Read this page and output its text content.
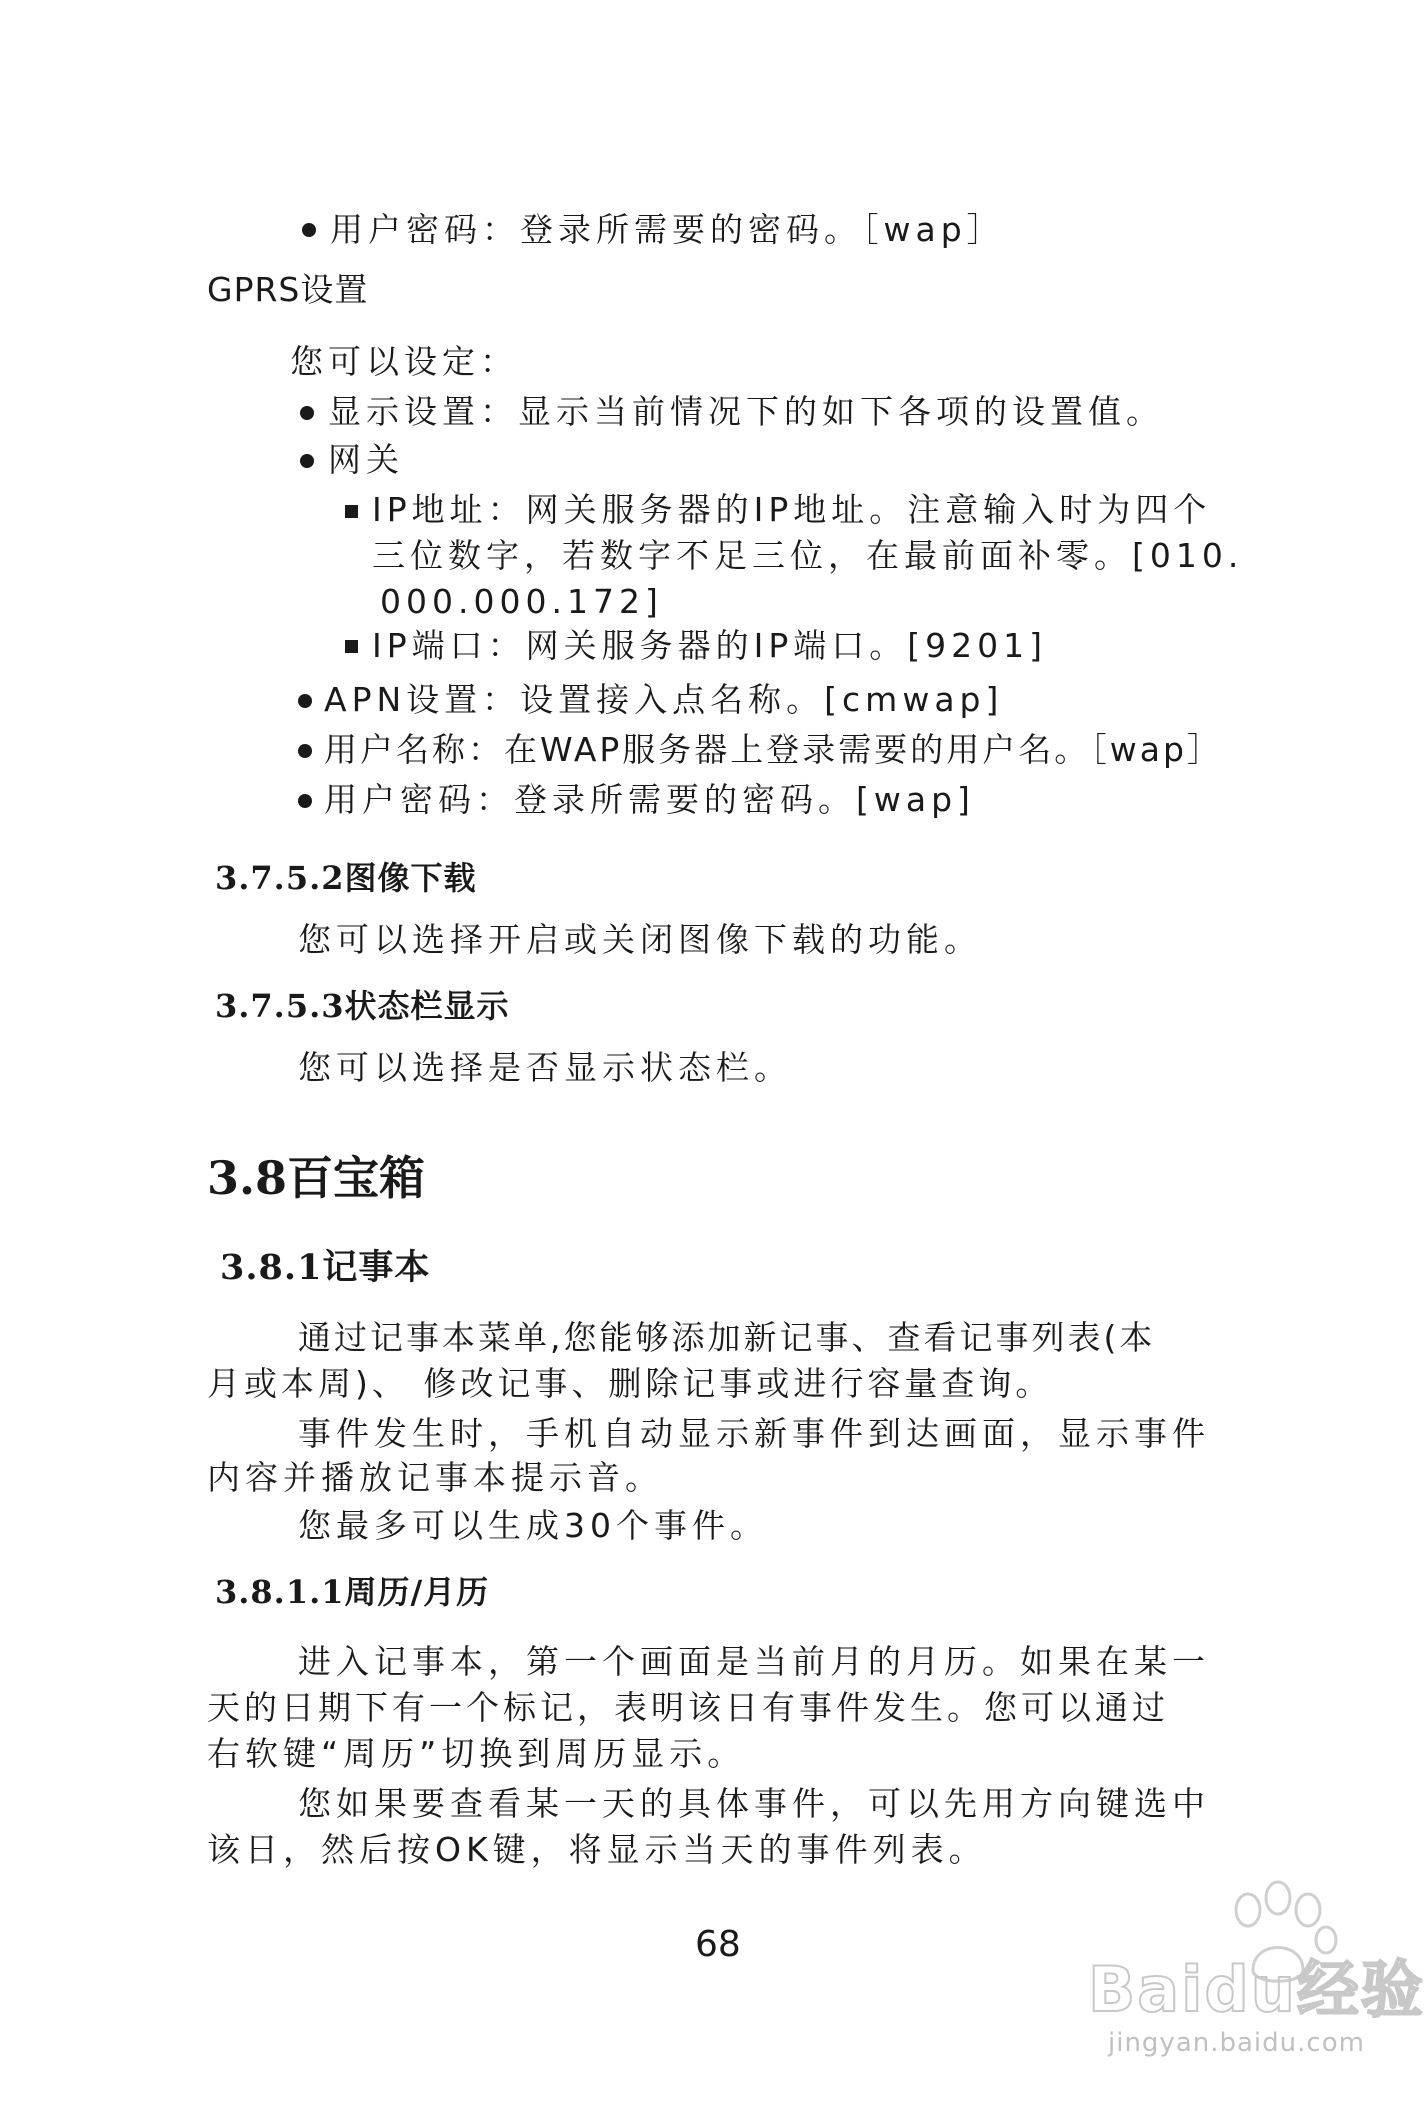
用户密码：登录所需要的密码。［wap］
GPRS设置
您可以设定：
显示设置：显示当前情况下的如下各项的设置值。
网关
IP地址：网关服务器的IP地址。注意输入时为四个
三位数字，若数字不足三位，在最前面补零。[010.
000.000.172]
IP端口：网关服务器的IP端口。[9201]
APN设置：设置接入点名称。[cmwap]
用户名称：在WAP服务器上登录需要的用户名。［wap］
用户密码：登录所需要的密码。[wap]
3.7.5.2图像下载
您可以选择开启或关闭图像下载的功能。
3.7.5.3状态栏显示
您可以选择是否显示状态栏。
3.8百宝箱
3.8.1记事本
通过记事本菜单,您能够添加新记事、查看记事列表(本
月或本周)、 修改记事、删除记事或进行容量查询。
事件发生时，手机自动显示新事件到达画面，显示事件
内容并播放记事本提示音。
您最多可以生成30个事件。
3.8.1.1周历/月历
进入记事本，第一个画面是当前月的月历。如果在某一
天的日期下有一个标记，表明该日有事件发生。您可以通过
右软键“周历”切换到周历显示。
您如果要查看某一天的具体事件，可以先用方向键选中
该日，然后按OK键，将显示当天的事件列表。
68
Baidu经验
jingyan.baidu.com
